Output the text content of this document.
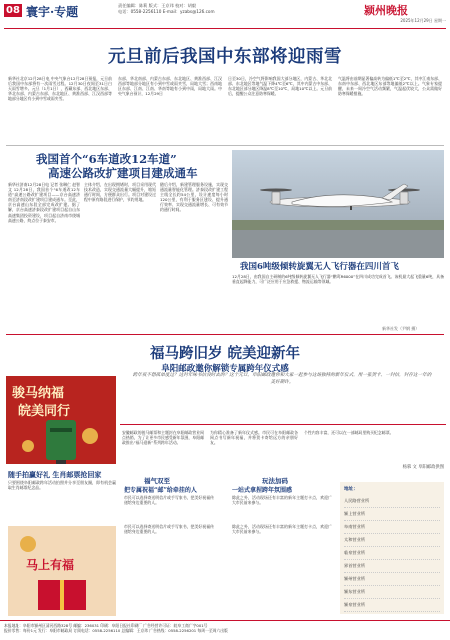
08 寰宇·专题	责任编辑：陈莉 版式：王京玮 校对：胡毅
电话：0558-2256110 E-mail：yzabs@126.com	颍州晚报
2025年12月29日 星期一
元旦前后我国中东部将迎雨雪
新华社北京12月28日电 中央气象台12月28日预报，元旦前后我国中东部将有一次雨雪过程。12月30日夜间至31日白天雨雪增多。元旦（1月1日），西藏东部、西北地区东部、华北东部、内蒙古东部、东北地区、黄淮西部、江汉西部等地部分地区有小到中雪或雨夹雪。
东部、华北南部、内蒙古东部、东北地区、黄淮西部、江汉西部等地部分地区有小到中雪或雨夹雪，局地大雪；西南地区东部、江南、江南、华南等地有小到中雨，局地大雨。中央气象台预计，12月29日
日至30日，冷空气将影响我国大部分地区，内蒙古、华北北部、东北地区等地气温下降4℃至6℃，其中内蒙古中东部、东北地区部分地区降温8℃至10℃，局地10℃以上。元旦前后，提醒公众注意防寒保暖。
气温将由前期显著偏高转为偏低1℃至2℃，其中江南东部、东南中东部、西北地区东部等地偏低2℃以上。气象专家提醒，未来一周冷空气活动频繁，气温起伏较大，公众需做好防寒保暖措施。
我国首个“6车道改12车道”
高速公路改扩建项目建成通车
新华社济南12月28日电 记者 张琳仁 赵智文 12月28日，我国首个“6车道改12车道”高速公路改扩建项目——京台高速济南至济南段改扩建项目建成通车。至此，京台高速山东段全部完成改扩建。据了解，京台高速济泰段改扩建项目起自山东高速集团投资建设，项目起自济南市绕城高速公路，终点位于泰安市。
主体介绍，在出现拥堵时，项目采用现代技术改造，实现交通流量大幅提升，缩短通行时间，方便群众出行。项目对建设过程中原有路段进行保护，节约用地。
随后介绍，新建管理服务设施，实现交通流量智能化管理。济泰段改扩建工程主线全长约54公里，设计速度每小时120公里，有利于服务区建设、提升通行效率、实现交通流量增长、可有效节约通行时间。
我国6吨级倾转旋翼无人飞行器在四川首飞
12月28日，由我国自主研制的6吨级倾转旋翼无人飞行器“鹏鸾R6000”在四川成功完成首飞。该机最大起飞重量6吨，具备垂直起降能力，可广泛应用于应急救援、物流运输等领域。
新华社发（尹钢 摄）
福马跨旧岁 皖美迎新年
阜阳邮政邀你解锁专属跨年仪式感
骏马纳福
皖美同行
跨年夜不想孤单度过？这封年味书信没时去的？这个元旦，阜阳邮政邀你和大家一起参与这场独特的新年仪式，用一张贺卡、一封信，封存这一年的美好期许。
安徽邮政的骏马邮票和主题封在阜阳邮政营业网点热销，为了让更多市民感受新年氛围，阜阳邮政推出“福马迎新”系列跨年活动。
为你精心准备了新年仪式感。市民可在阜阳邮政各网点书写新年祝福，并将贺卡寄给远方的亲朋好友。
个性内容丰富，还可以在一部邮局里购买纪念邮票。
杨慕 文 阜阳邮政供图
随手拍赢好礼 生肖邮票抢回家
只要围绕阜阳邮政跨年活动拍照并分享至朋友圈，即有机会赢取生肖邮票纪念品。
福气双至
把专属祝福“邮”给牵挂的人
市民可以选择寄送明信片或手写家书，把美好祝福传递给身边重要的人。
玩法加码
一站式拿捏跨年氛围感
除此之外，活动现场还有丰富的新年主题打卡点，欢迎广大市民前来参与。
马上有福
市民可以选择寄送明信片或手写家书，把美好祝福传递给身边重要的人。
除此之外，活动现场还有丰富的新年主题打卡点，欢迎广大市民前来参与。
地址：
人民路营业所
颍上营业所
阜南营业所
太和营业所
临泉营业所
界首营业所
颍州营业所
颍东营业所
颍泉营业所
本报地址：阜阳市颍州区清河西路328号 邮编：236031 印刷：阜阳日报社印刷厂 广告经营许可证：皖阜工商广字001号
报价零售：每份1元 发行：阜阳市邮政局 订阅电话：0558-2256110 总编辑：王京玮 广告热线：0558-2256201 每周一至周六出版
